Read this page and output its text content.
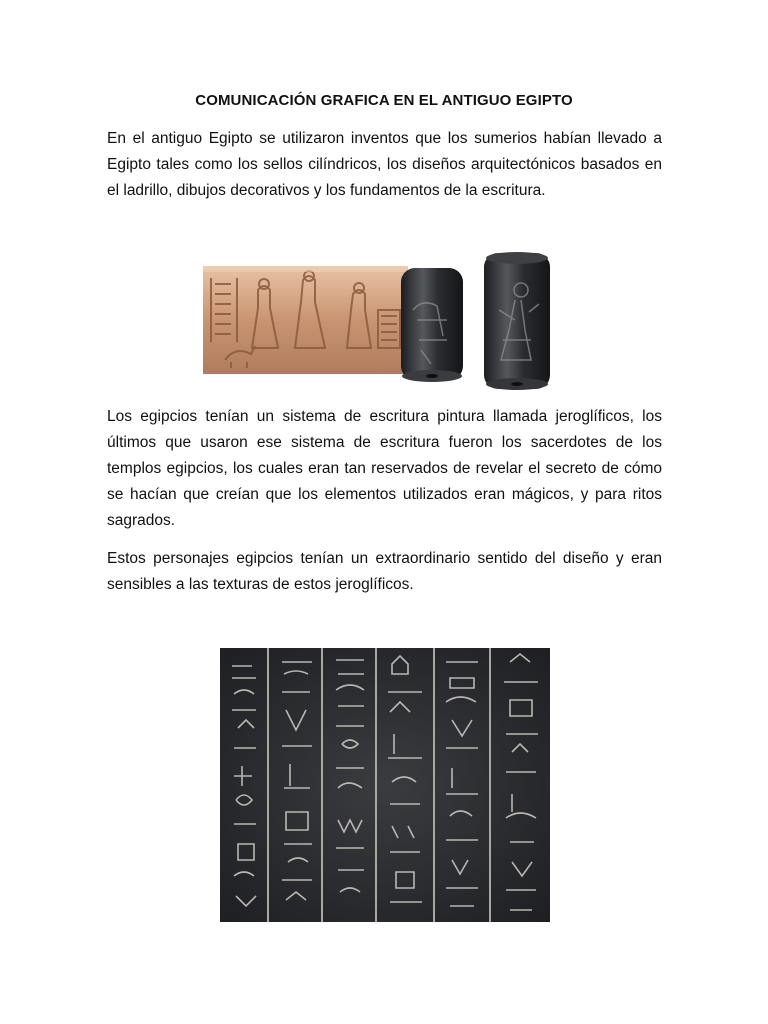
COMUNICACIÓN GRAFICA EN EL ANTIGUO EGIPTO

En el antiguo Egipto se utilizaron inventos que los sumerios habían llevado a Egipto tales como los sellos cilíndricos, los diseños arquitectónicos basados en el ladrillo, dibujos decorativos y los fundamentos de la escritura.

Los egipcios tenían un sistema de escritura pintura llamada jeroglíficos, los últimos que usaron ese sistema de escritura fueron los sacerdotes de los templos egipcios, los cuales eran tan reservados de revelar el secreto de cómo se hacían que creían que los elementos utilizados eran mágicos, y para ritos sagrados.

Estos personajes egipcios tenían un extraordinario sentido del diseño y eran sensibles a las texturas de estos jeroglíficos.
